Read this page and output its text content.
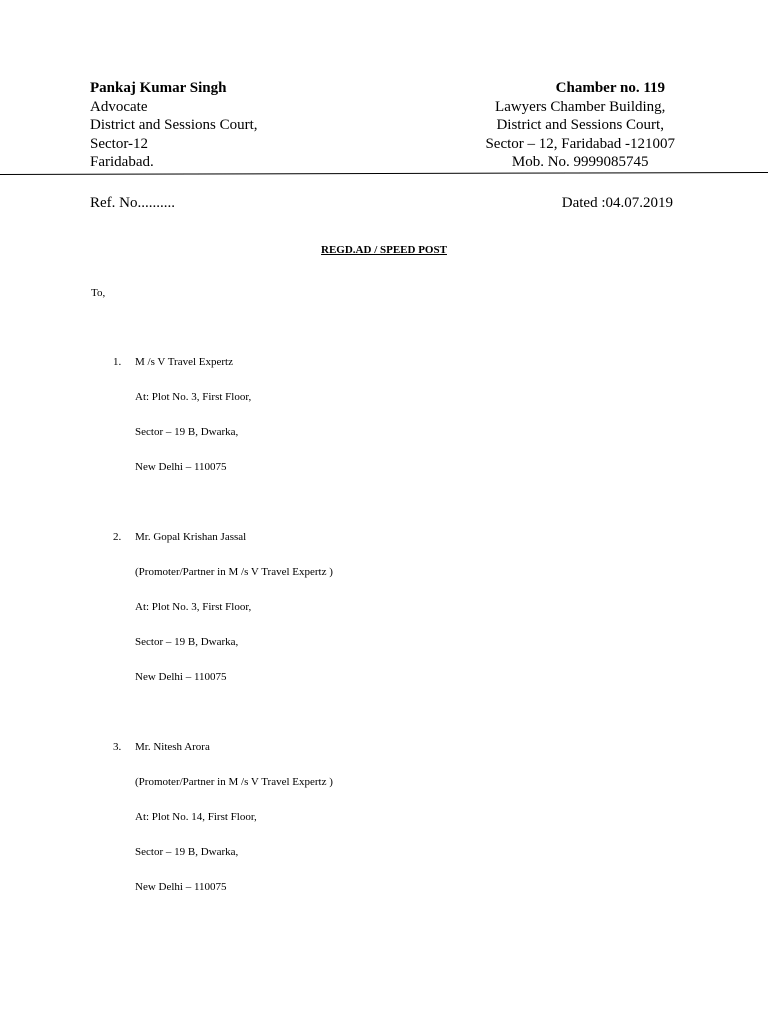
Pankaj Kumar Singh
Advocate
District and Sessions Court,
Sector-12
Faridabad.
Chamber no. 119
Lawyers Chamber Building,
District and Sessions Court,
Sector – 12, Faridabad -121007
Mob. No. 9999085745
Ref. No..........	Dated :04.07.2019
REGD.AD / SPEED POST
To,
1. M /s V Travel Expertz
At: Plot No. 3, First Floor,
Sector – 19 B, Dwarka,
New Delhi – 110075
2. Mr. Gopal Krishan Jassal
(Promoter/Partner in M /s V Travel Expertz )
At: Plot No. 3, First Floor,
Sector – 19 B, Dwarka,
New Delhi – 110075
3. Mr. Nitesh Arora
(Promoter/Partner in M /s V Travel Expertz )
At: Plot No. 14, First Floor,
Sector – 19 B, Dwarka,
New Delhi – 110075
